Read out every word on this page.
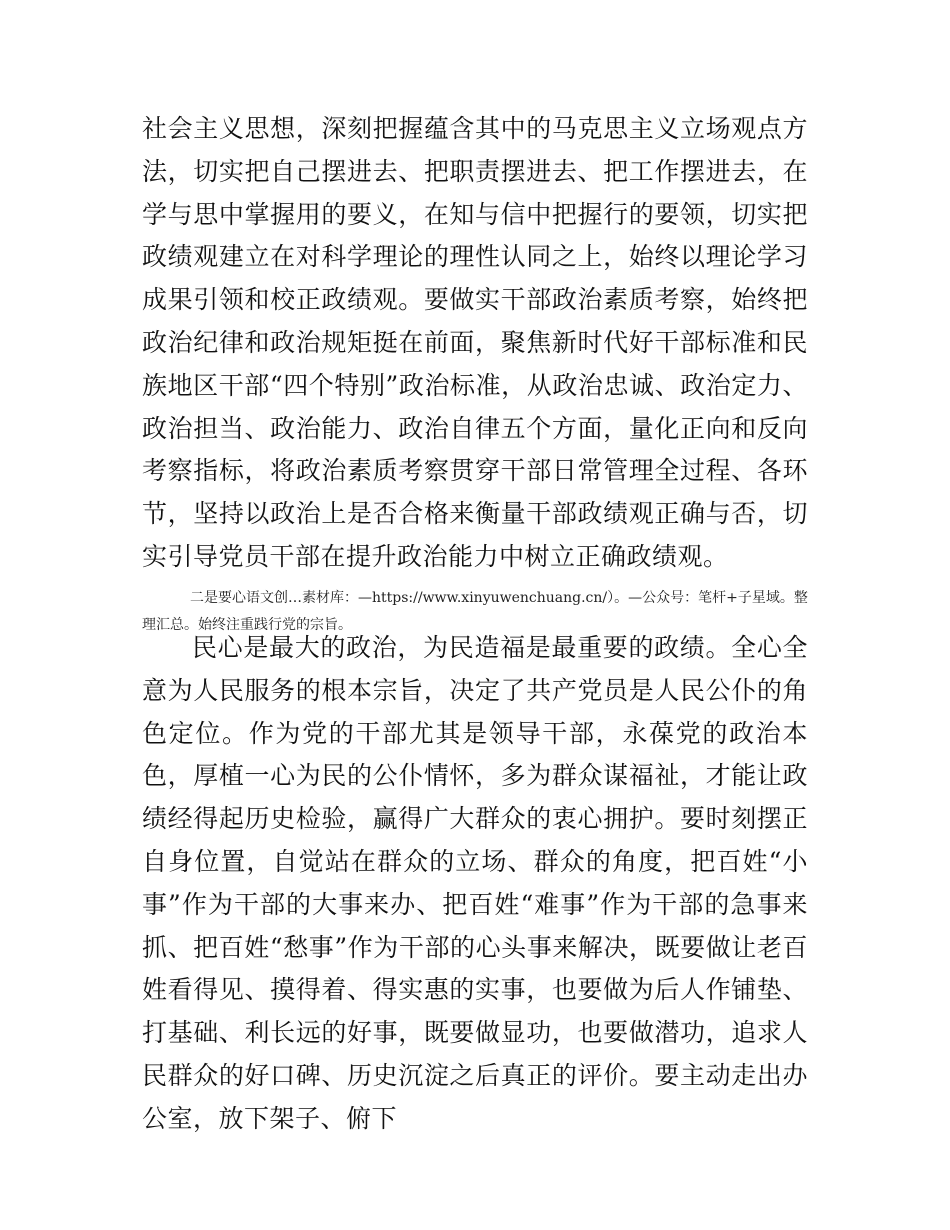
社会主义思想，深刻把握蕴含其中的马克思主义立场观点方法，切实把自己摆进去、把职责摆进去、把工作摆进去，在学与思中掌握用的要义，在知与信中把握行的要领，切实把政绩观建立在对科学理论的理性认同之上，始终以理论学习成果引领和校正政绩观。要做实干部政治素质考察，始终把政治纪律和政治规矩挺在前面，聚焦新时代好干部标准和民族地区干部“四个特别”政治标准，从政治忠诚、政治定力、政治担当、政治能力、政治自律五个方面，量化正向和反向考察指标，将政治素质考察贯穿干部日常管理全过程、各环节，坚持以政治上是否合格来衡量干部政绩观正确与否，切实引导党员干部在提升政治能力中树立正确政绩观。

二是要心语文创…素材库：—https://www.xinyuwenchuang.cn/）。—公众号：笔杆+子星域。整理汇总。始终注重践行党的宗旨。

民心是最大的政治，为民造福是最重要的政绩。全心全意为人民服务的根本宗旨，决定了共产党员是人民公仆的角色定位。作为党的干部尤其是领导干部，永葆党的政治本色，厚植一心为民的公仆情怀，多为群众谋福祉，才能让政绩经得起历史检验，赢得广大群众的衷心拥护。要时刻摆正自身位置，自觉站在群众的立场、群众的角度，把百姓“小事”作为干部的大事来办、把百姓“难事”作为干部的急事来抓、把百姓“愁事”作为干部的心头事来解决，既要做让老百姓看得见、摸得着、得实惠的实事，也要做为后人作铺垫、打基础、利长远的好事，既要做显功，也要做潜功，追求人民群众的好口碑、历史沉淀之后真正的评价。要主动走出办公室，放下架子、俯下
